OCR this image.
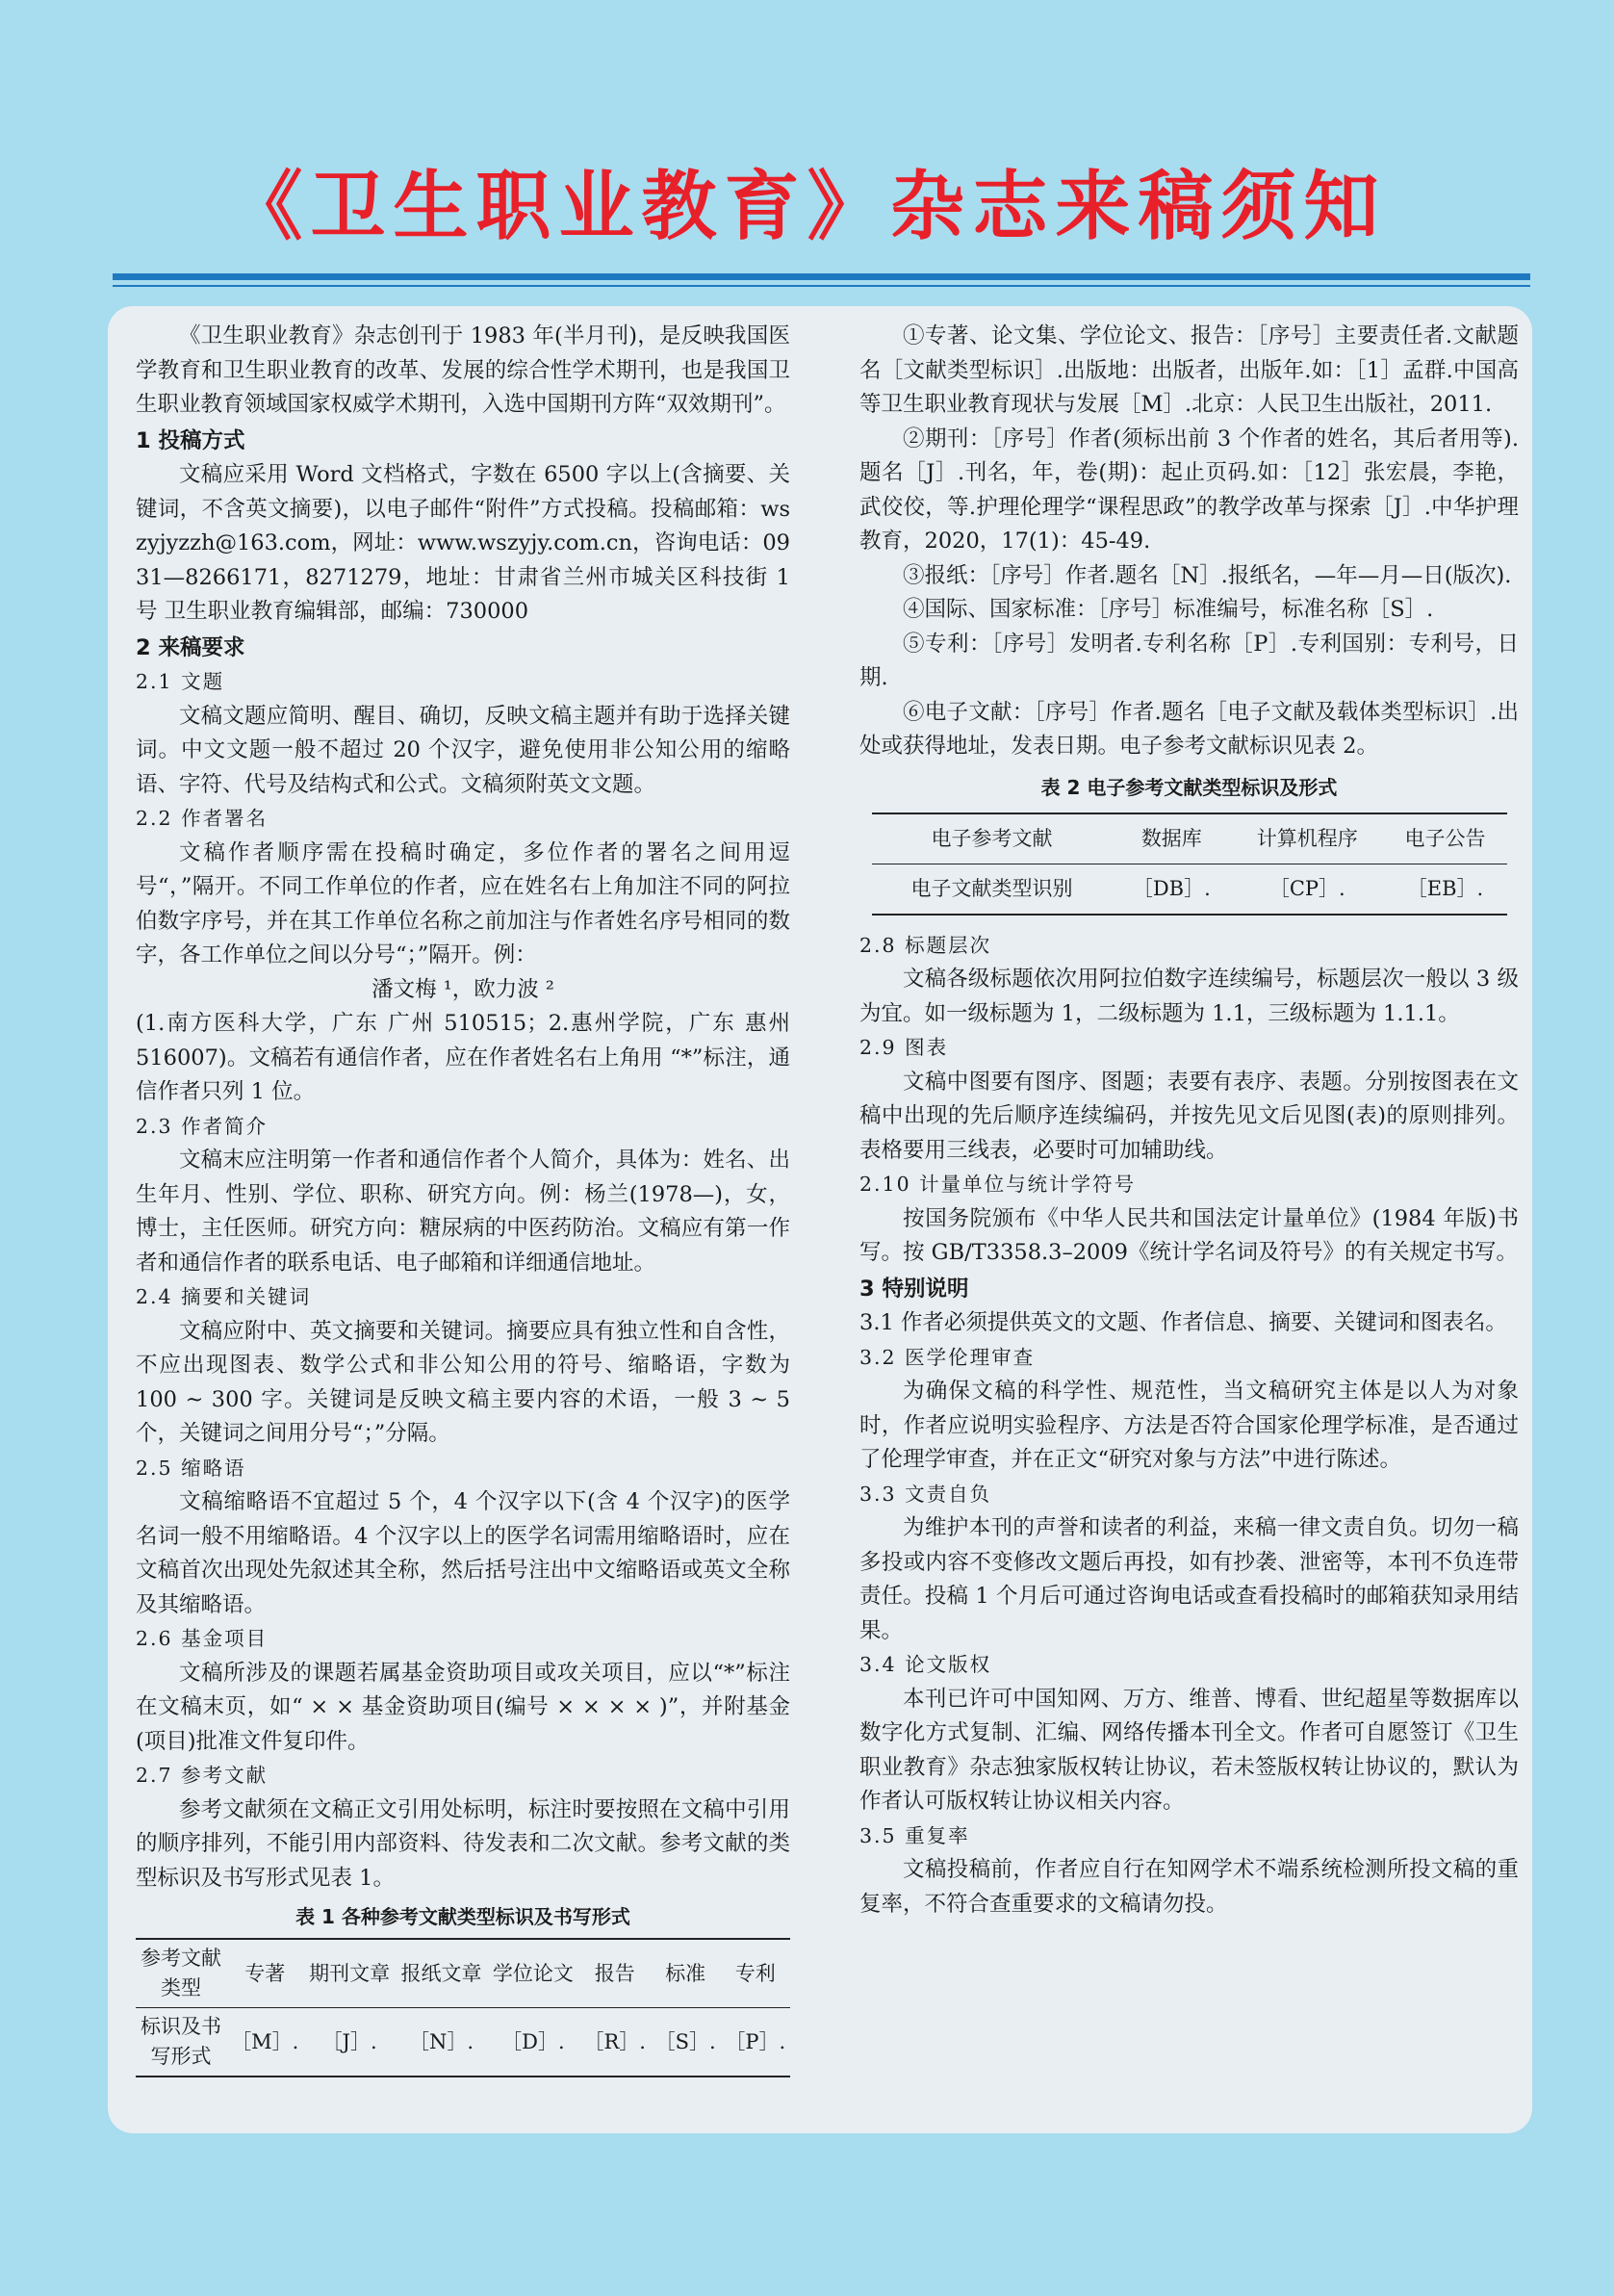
《卫生职业教育》杂志来稿须知

《卫生职业教育》杂志创刊于 1983 年(半月刊)，是反映我国医学教育和卫生职业教育的改革、发展的综合性学术期刊，也是我国卫生职业教育领域国家权威学术期刊，入选中国期刊方阵“双效期刊”。

1 投稿方式

文稿应采用 Word 文档格式，字数在 6500 字以上(含摘要、关键词，不含英文摘要)，以电子邮件“附件”方式投稿。投稿邮箱：wszyjyzzh@163.com，网址：www.wszyjy.com.cn，咨询电话：0931—8266171，8271279，地址：甘肃省兰州市城关区科技街 1 号 卫生职业教育编辑部，邮编：730000

2 来稿要求
2.1 文题

文稿文题应简明、醒目、确切，反映文稿主题并有助于选择关键词。中文文题一般不超过 20 个汉字，避免使用非公知公用的缩略语、字符、代号及结构式和公式。文稿须附英文文题。

2.2 作者署名

文稿作者顺序需在投稿时确定，多位作者的署名之间用逗号“，”隔开。不同工作单位的作者，应在姓名右上角加注不同的阿拉伯数字序号，并在其工作单位名称之前加注与作者姓名序号相同的数字，各工作单位之间以分号“；”隔开。例：

潘文梅 ¹，欧力波 ²

(1.南方医科大学，广东 广州 510515；2.惠州学院，广东 惠州 516007)。文稿若有通信作者，应在作者姓名右上角用 “*”标注，通信作者只列 1 位。

2.3 作者简介

文稿末应注明第一作者和通信作者个人简介，具体为：姓名、出生年月、性别、学位、职称、研究方向。例：杨兰(1978—)，女，博士，主任医师。研究方向：糖尿病的中医药防治。文稿应有第一作者和通信作者的联系电话、电子邮箱和详细通信地址。

2.4 摘要和关键词

文稿应附中、英文摘要和关键词。摘要应具有独立性和自含性，不应出现图表、数学公式和非公知公用的符号、缩略语，字数为 100 ~ 300 字。关键词是反映文稿主要内容的术语，一般 3 ~ 5 个，关键词之间用分号“；”分隔。

2.5 缩略语

文稿缩略语不宜超过 5 个，4 个汉字以下(含 4 个汉字)的医学名词一般不用缩略语。4 个汉字以上的医学名词需用缩略语时，应在文稿首次出现处先叙述其全称，然后括号注出中文缩略语或英文全称及其缩略语。

2.6 基金项目

文稿所涉及的课题若属基金资助项目或攻关项目，应以“*”标注在文稿末页，如“ × × 基金资助项目(编号 × × × × )”，并附基金(项目)批准文件复印件。

2.7 参考文献

参考文献须在文稿正文引用处标明，标注时要按照在文稿中引用的顺序排列，不能引用内部资料、待发表和二次文献。参考文献的类型标识及书写形式见表 1。

表 1 各种参考文献类型标识及书写形式
参考文献类型	专著	期刊文章	报纸文章	学位论文	报告	标准	专利
标识及书写形式	［M］.	［J］.	［N］.	［D］.	［R］.	［S］.	［P］.

①专著、论文集、学位论文、报告：［序号］主要责任者.文献题名［文献类型标识］.出版地：出版者，出版年.如：［1］孟群.中国高等卫生职业教育现状与发展［M］.北京：人民卫生出版社，2011.

②期刊：［序号］作者(须标出前 3 个作者的姓名，其后者用等).题名［J］.刊名，年，卷(期)：起止页码.如：［12］张宏晨，李艳，武佼佼，等.护理伦理学“课程思政”的教学改革与探索［J］.中华护理教育，2020，17(1)：45-49.

③报纸：［序号］作者.题名［N］.报纸名，—年—月—日(版次).

④国际、国家标准：［序号］标准编号，标准名称［S］.

⑤专利：［序号］发明者.专利名称［P］.专利国别：专利号，日期.

⑥电子文献：［序号］作者.题名［电子文献及载体类型标识］.出处或获得地址，发表日期。电子参考文献标识见表 2。

表 2 电子参考文献类型标识及形式
电子参考文献	数据库	计算机程序	电子公告
电子文献类型识别	［DB］.	［CP］.	［EB］.
2.8 标题层次

文稿各级标题依次用阿拉伯数字连续编号，标题层次一般以 3 级为宜。如一级标题为 1，二级标题为 1.1，三级标题为 1.1.1。

2.9 图表

文稿中图要有图序、图题；表要有表序、表题。分别按图表在文稿中出现的先后顺序连续编码，并按先见文后见图(表)的原则排列。表格要用三线表，必要时可加辅助线。

2.10 计量单位与统计学符号

按国务院颁布《中华人民共和国法定计量单位》(1984 年版)书写。按 GB/T3358.3–2009《统计学名词及符号》的有关规定书写。

3 特别说明

3.1 作者必须提供英文的文题、作者信息、摘要、关键词和图表名。

3.2 医学伦理审查

为确保文稿的科学性、规范性，当文稿研究主体是以人为对象时，作者应说明实验程序、方法是否符合国家伦理学标准，是否通过了伦理学审查，并在正文“研究对象与方法”中进行陈述。

3.3 文责自负

为维护本刊的声誉和读者的利益，来稿一律文责自负。切勿一稿多投或内容不变修改文题后再投，如有抄袭、泄密等，本刊不负连带责任。投稿 1 个月后可通过咨询电话或查看投稿时的邮箱获知录用结果。

3.4 论文版权

本刊已许可中国知网、万方、维普、博看、世纪超星等数据库以数字化方式复制、汇编、网络传播本刊全文。作者可自愿签订《卫生职业教育》杂志独家版权转让协议，若未签版权转让协议的，默认为作者认可版权转让协议相关内容。

3.5 重复率

文稿投稿前，作者应自行在知网学术不端系统检测所投文稿的重复率，不符合查重要求的文稿请勿投。
